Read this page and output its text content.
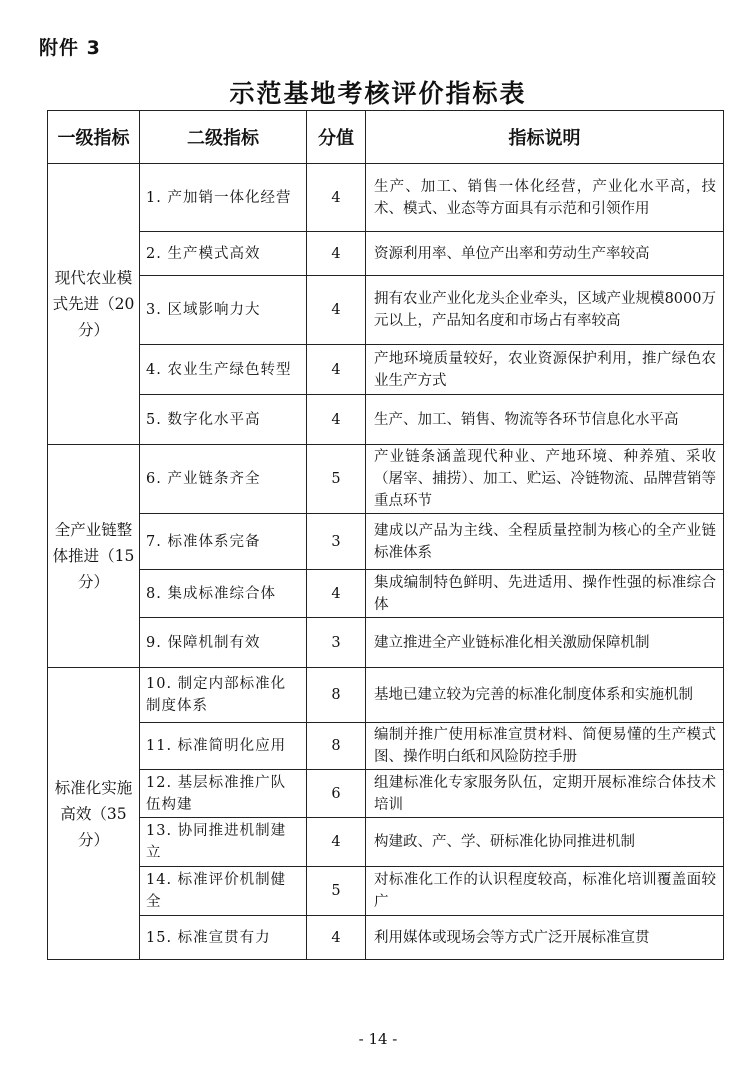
附件 3
示范基地考核评价指标表
一级指标	二级指标	分值	指标说明
现代农业模式先进（20分）	1. 产加销一体化经营	4	生产、加工、销售一体化经营，产业化水平高，技术、模式、业态等方面具有示范和引领作用
	2. 生产模式高效	4	资源利用率、单位产出率和劳动生产率较高
	3. 区域影响力大	4	拥有农业产业化龙头企业牵头，区域产业规模8000万元以上，产品知名度和市场占有率较高
	4. 农业生产绿色转型	4	产地环境质量较好，农业资源保护利用，推广绿色农业生产方式
	5. 数字化水平高	4	生产、加工、销售、物流等各环节信息化水平高
全产业链整体推进（15分）	6. 产业链条齐全	5	产业链条涵盖现代种业、产地环境、种养殖、采收（屠宰、捕捞）、加工、贮运、冷链物流、品牌营销等重点环节
	7. 标准体系完备	3	建成以产品为主线、全程质量控制为核心的全产业链标准体系
	8. 集成标准综合体	4	集成编制特色鲜明、先进适用、操作性强的标准综合体
	9. 保障机制有效	3	建立推进全产业链标准化相关激励保障机制
标准化实施高效（35分）	10. 制定内部标准化制度体系	8	基地已建立较为完善的标准化制度体系和实施机制
	11. 标准简明化应用	8	编制并推广使用标准宣贯材料、简便易懂的生产模式图、操作明白纸和风险防控手册
	12. 基层标准推广队伍构建	6	组建标准化专家服务队伍，定期开展标准综合体技术培训
	13. 协同推进机制建立	4	构建政、产、学、研标准化协同推进机制
	14. 标准评价机制健全	5	对标准化工作的认识程度较高，标准化培训覆盖面较广
	15. 标准宣贯有力	4	利用媒体或现场会等方式广泛开展标准宣贯
- 14 -
